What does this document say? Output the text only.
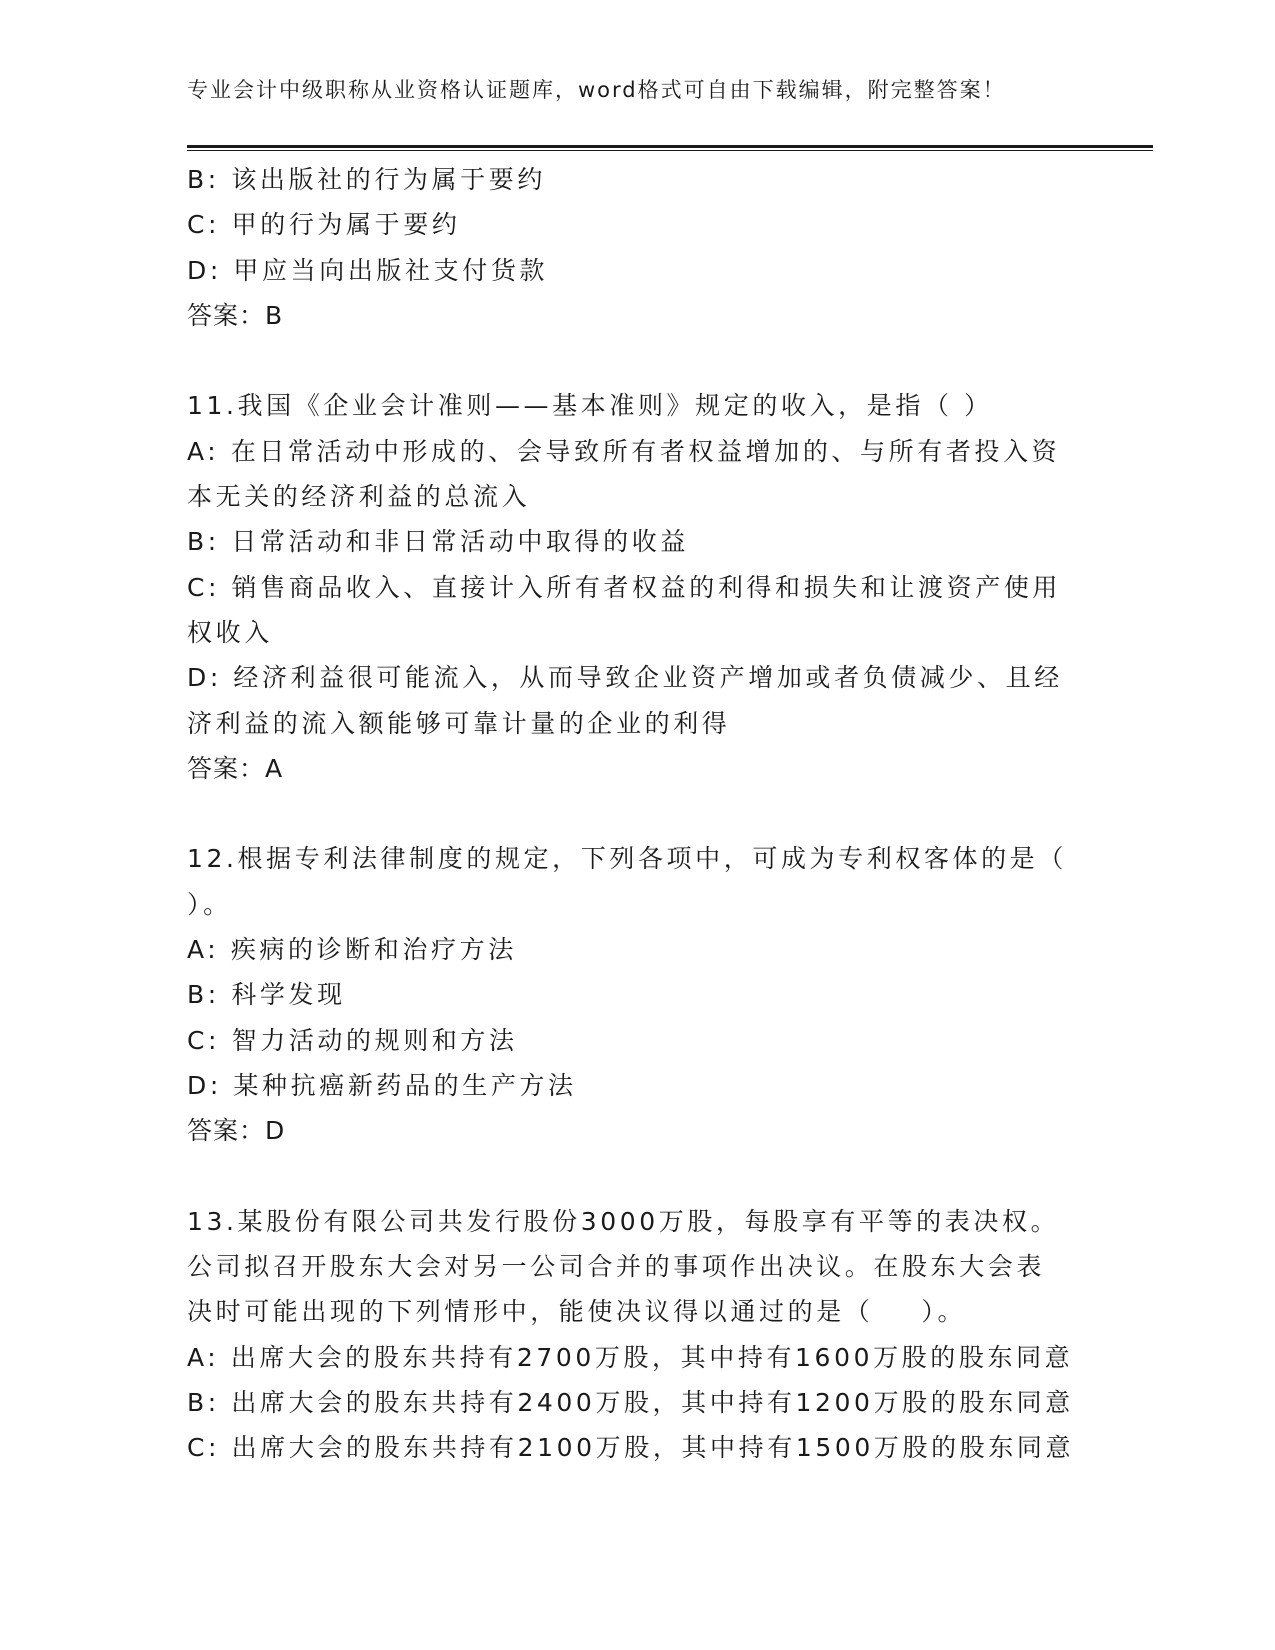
专业会计中级职称从业资格认证题库，word格式可自由下载编辑，附完整答案！
B: 该出版社的行为属于要约
C: 甲的行为属于要约
D: 甲应当向出版社支付货款
答案：B
11.我国《企业会计准则——基本准则》规定的收入，是指（ ）
A: 在日常活动中形成的、会导致所有者权益增加的、与所有者投入资
本无关的经济利益的总流入
B: 日常活动和非日常活动中取得的收益
C: 销售商品收入、直接计入所有者权益的利得和损失和让渡资产使用
权收入
D: 经济利益很可能流入，从而导致企业资产增加或者负债减少、且经
济利益的流入额能够可靠计量的企业的利得
答案：A
12.根据专利法律制度的规定，下列各项中，可成为专利权客体的是（
）。
A: 疾病的诊断和治疗方法
B: 科学发现
C: 智力活动的规则和方法
D: 某种抗癌新药品的生产方法
答案：D
13.某股份有限公司共发行股份3000万股，每股享有平等的表决权。
公司拟召开股东大会对另一公司合并的事项作出决议。在股东大会表
决时可能出现的下列情形中，能使决议得以通过的是（ ）。
A: 出席大会的股东共持有2700万股，其中持有1600万股的股东同意
B: 出席大会的股东共持有2400万股，其中持有1200万股的股东同意
C: 出席大会的股东共持有2100万股，其中持有1500万股的股东同意
